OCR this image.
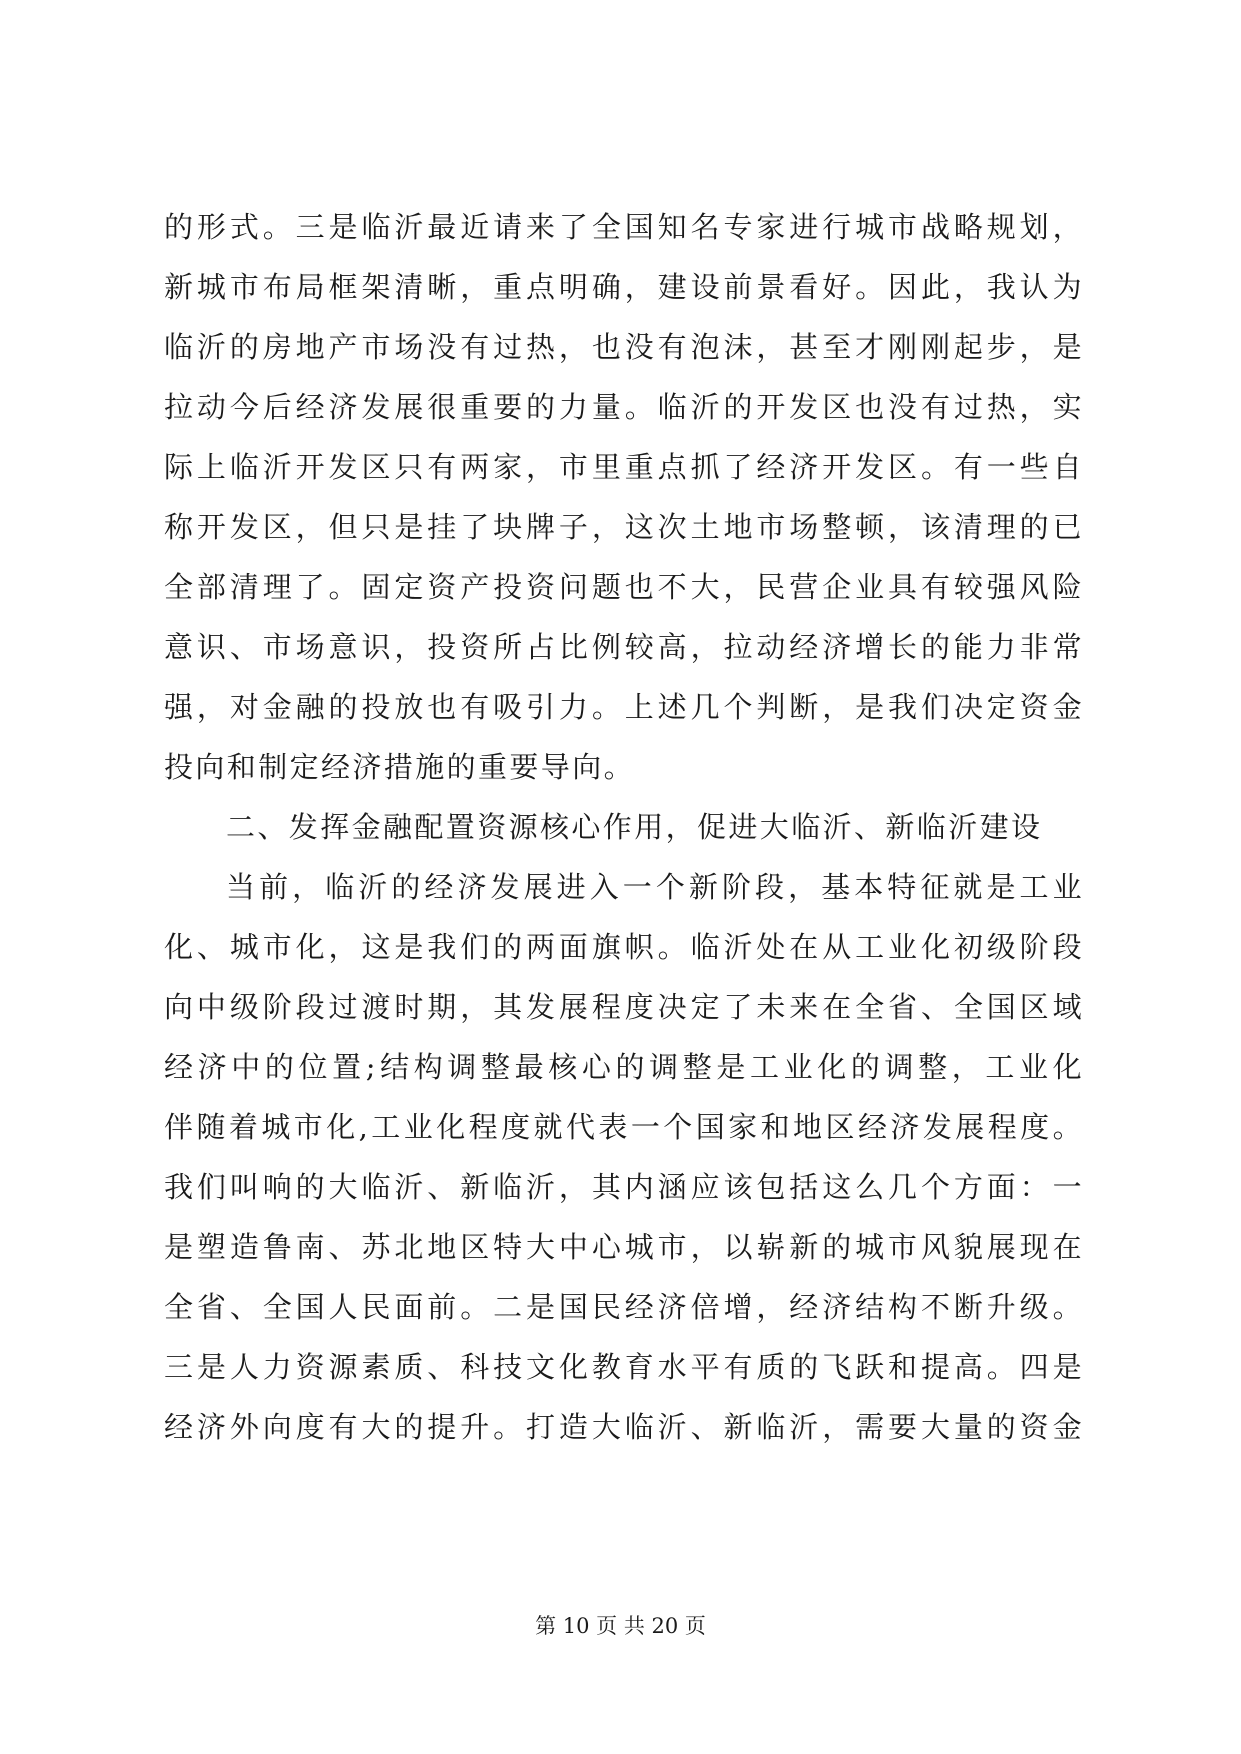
的形式。三是临沂最近请来了全国知名专家进行城市战略规划，
新城市布局框架清晰，重点明确，建设前景看好。因此，我认为
临沂的房地产市场没有过热，也没有泡沫，甚至才刚刚起步，是
拉动今后经济发展很重要的力量。临沂的开发区也没有过热，实
际上临沂开发区只有两家，市里重点抓了经济开发区。有一些自
称开发区，但只是挂了块牌子，这次土地市场整顿，该清理的已
全部清理了。固定资产投资问题也不大，民营企业具有较强风险
意识、市场意识，投资所占比例较高，拉动经济增长的能力非常
强，对金融的投放也有吸引力。上述几个判断，是我们决定资金
投向和制定经济措施的重要导向。
二、发挥金融配置资源核心作用，促进大临沂、新临沂建设
当前，临沂的经济发展进入一个新阶段，基本特征就是工业
化、城市化，这是我们的两面旗帜。临沂处在从工业化初级阶段
向中级阶段过渡时期，其发展程度决定了未来在全省、全国区域
经济中的位置;结构调整最核心的调整是工业化的调整，工业化
伴随着城市化,工业化程度就代表一个国家和地区经济发展程度。
我们叫响的大临沂、新临沂，其内涵应该包括这么几个方面：一
是塑造鲁南、苏北地区特大中心城市，以崭新的城市风貌展现在
全省、全国人民面前。二是国民经济倍增，经济结构不断升级。
三是人力资源素质、科技文化教育水平有质的飞跃和提高。四是
经济外向度有大的提升。打造大临沂、新临沂，需要大量的资金
第 10 页 共 20 页
